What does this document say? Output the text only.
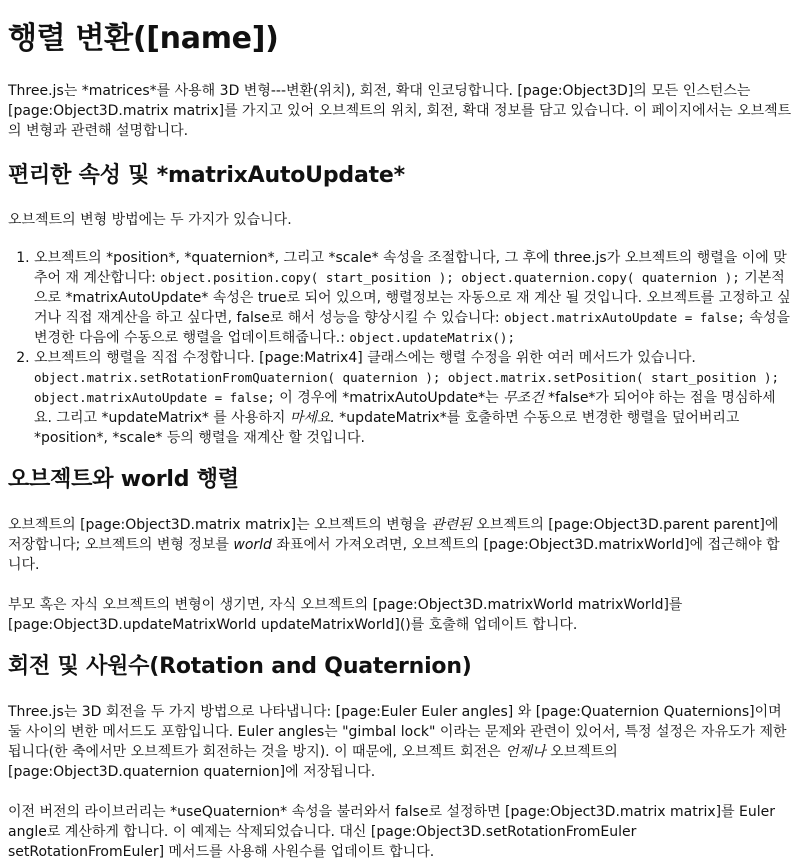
행렬 변환([name])

Three.js는 *matrices*를 사용해 3D 변형---변환(위치), 회전, 확대 인코딩합니다. [page:Object3D]의 모든 인스턴스는 [page:Object3D.matrix matrix]를 가지고 있어 오브젝트의 위치, 회전, 확대 정보를 담고 있습니다. 이 페이지에서는 오브젝트의 변형과 관련해 설명합니다.

편리한 속성 및 *matrixAutoUpdate*

오브젝트의 변형 방법에는 두 가지가 있습니다.

1. 오브젝트의 *position*, *quaternion*, 그리고 *scale* 속성을 조절합니다, 그 후에 three.js가 오브젝트의 행렬을 이에 맞추어 재 계산합니다: object.position.copy( start_position ); object.quaternion.copy( quaternion ); 기본적으로 *matrixAutoUpdate* 속성은 true로 되어 있으며, 행렬정보는 자동으로 재 계산 될 것입니다. 오브젝트를 고정하고 싶거나 직접 재계산을 하고 싶다면, false로 해서 성능을 향상시킬 수 있습니다: object.matrixAutoUpdate = false; 속성을 변경한 다음에 수동으로 행렬을 업데이트해줍니다.: object.updateMatrix();
2. 오브젝트의 행렬을 직접 수정합니다. [page:Matrix4] 클래스에는 행렬 수정을 위한 여러 메서드가 있습니다. object.matrix.setRotationFromQuaternion( quaternion ); object.matrix.setPosition( start_position ); object.matrixAutoUpdate = false; 이 경우에 *matrixAutoUpdate*는 무조건 *false*가 되어야 하는 점을 명심하세요. 그리고 *updateMatrix* 를 사용하지 마세요. *updateMatrix*를 호출하면 수동으로 변경한 행렬을 덮어버리고*position*, *scale* 등의 행렬을 재계산 할 것입니다.
오브젝트와 world 행렬

오브젝트의 [page:Object3D.matrix matrix]는 오브젝트의 변형을 관련된 오브젝트의 [page:Object3D.parent parent]에 저장합니다; 오브젝트의 변형 정보를 world 좌표에서 가져오려면, 오브젝트의 [page:Object3D.matrixWorld]에 접근해야 합니다.

부모 혹은 자식 오브젝트의 변형이 생기면, 자식 오브젝트의 [page:Object3D.matrixWorld matrixWorld]를 [page:Object3D.updateMatrixWorld updateMatrixWorld]()를 호출해 업데이트 합니다.

회전 및 사원수(Rotation and Quaternion)

Three.js는 3D 회전을 두 가지 방법으로 나타냅니다: [page:Euler Euler angles] 와 [page:Quaternion Quaternions]이며 둘 사이의 변한 메서드도 포함입니다. Euler angles는 "gimbal lock" 이라는 문제와 관련이 있어서, 특정 설정은 자유도가 제한됩니다(한 축에서만 오브젝트가 회전하는 것을 방지). 이 때문에, 오브젝트 회전은 언제나 오브젝트의 [page:Object3D.quaternion quaternion]에 저장됩니다.

이전 버전의 라이브러리는 *useQuaternion* 속성을 불러와서 false로 설정하면 [page:Object3D.matrix matrix]를 Euler angle로 계산하게 합니다. 이 예제는 삭제되었습니다. 대신 [page:Object3D.setRotationFromEuler setRotationFromEuler] 메서드를 사용해 사원수를 업데이트 합니다.
